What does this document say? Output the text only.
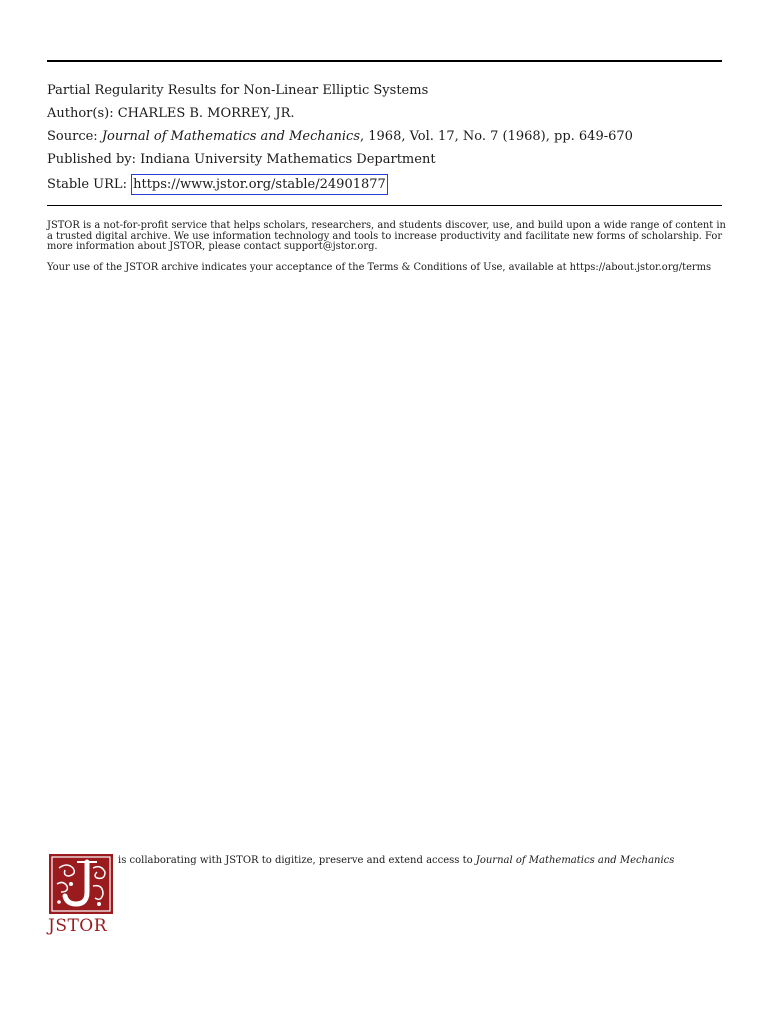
Partial Regularity Results for Non-Linear Elliptic Systems
Author(s): CHARLES B. MORREY, JR.
Source: Journal of Mathematics and Mechanics, 1968, Vol. 17, No. 7 (1968), pp. 649-670
Published by: Indiana University Mathematics Department
Stable URL: https://www.jstor.org/stable/24901877

JSTOR is a not-for-profit service that helps scholars, researchers, and students discover, use, and build upon a wide range of content in a trusted digital archive. We use information technology and tools to increase productivity and facilitate new forms of scholarship. For more information about JSTOR, please contact support@jstor.org.

Your use of the JSTOR archive indicates your acceptance of the Terms & Conditions of Use, available at https://about.jstor.org/terms

JSTOR
is collaborating with JSTOR to digitize, preserve and extend access to Journal of Mathematics and Mechanics
